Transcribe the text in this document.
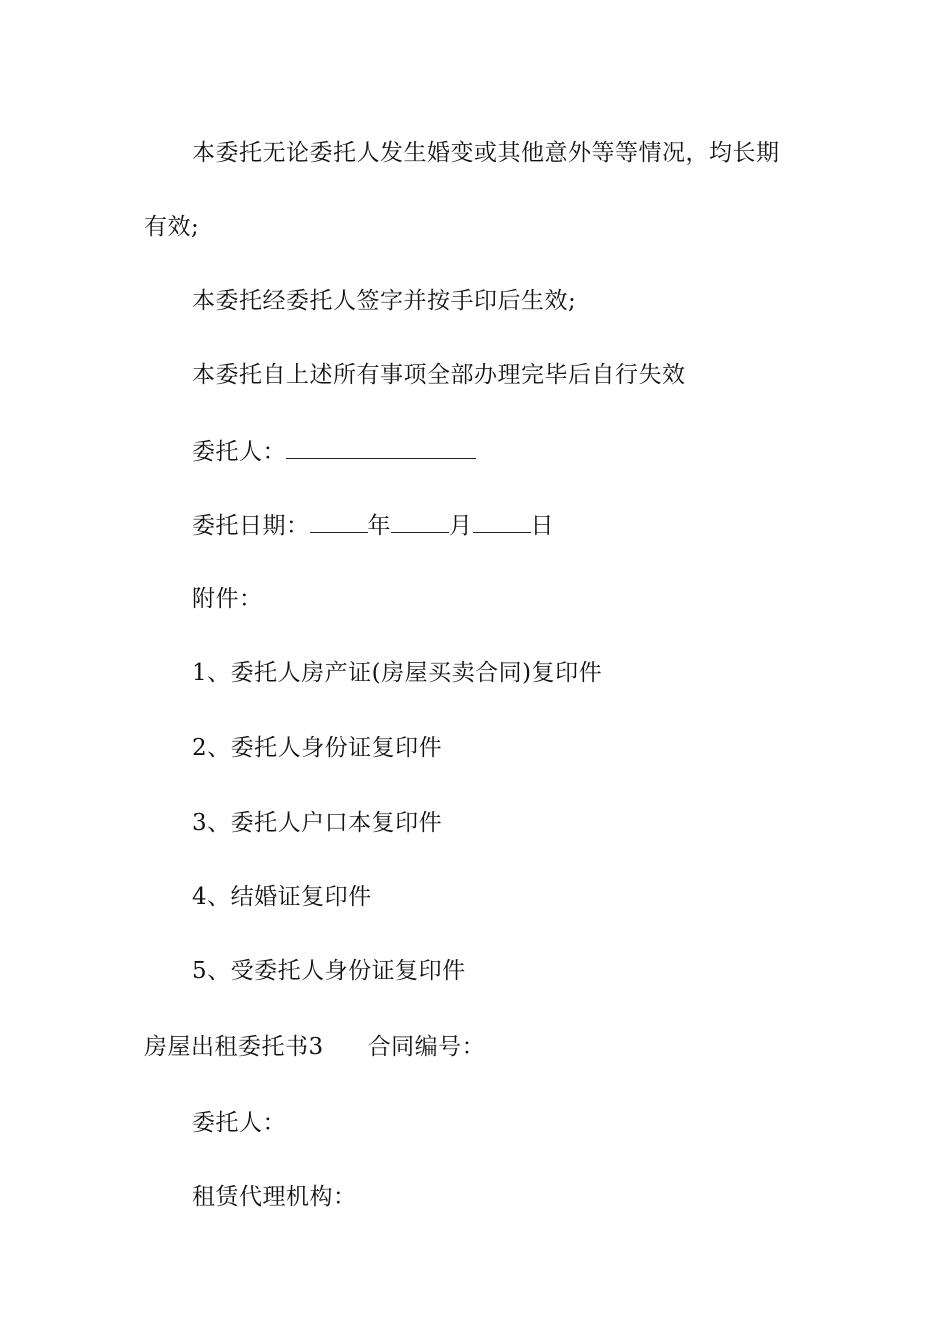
本委托无论委托人发生婚变或其他意外等等情况，均长期
有效;
本委托经委托人签字并按手印后生效;
本委托自上述所有事项全部办理完毕后自行失效
委托人：
委托日期：	年	月	日
附件：
1、委托人房产证(房屋买卖合同)复印件
2、委托人身份证复印件
3、委托人户口本复印件
4、结婚证复印件
5、受委托人身份证复印件
房屋出租委托书3 合同编号：
委托人：
租赁代理机构：
